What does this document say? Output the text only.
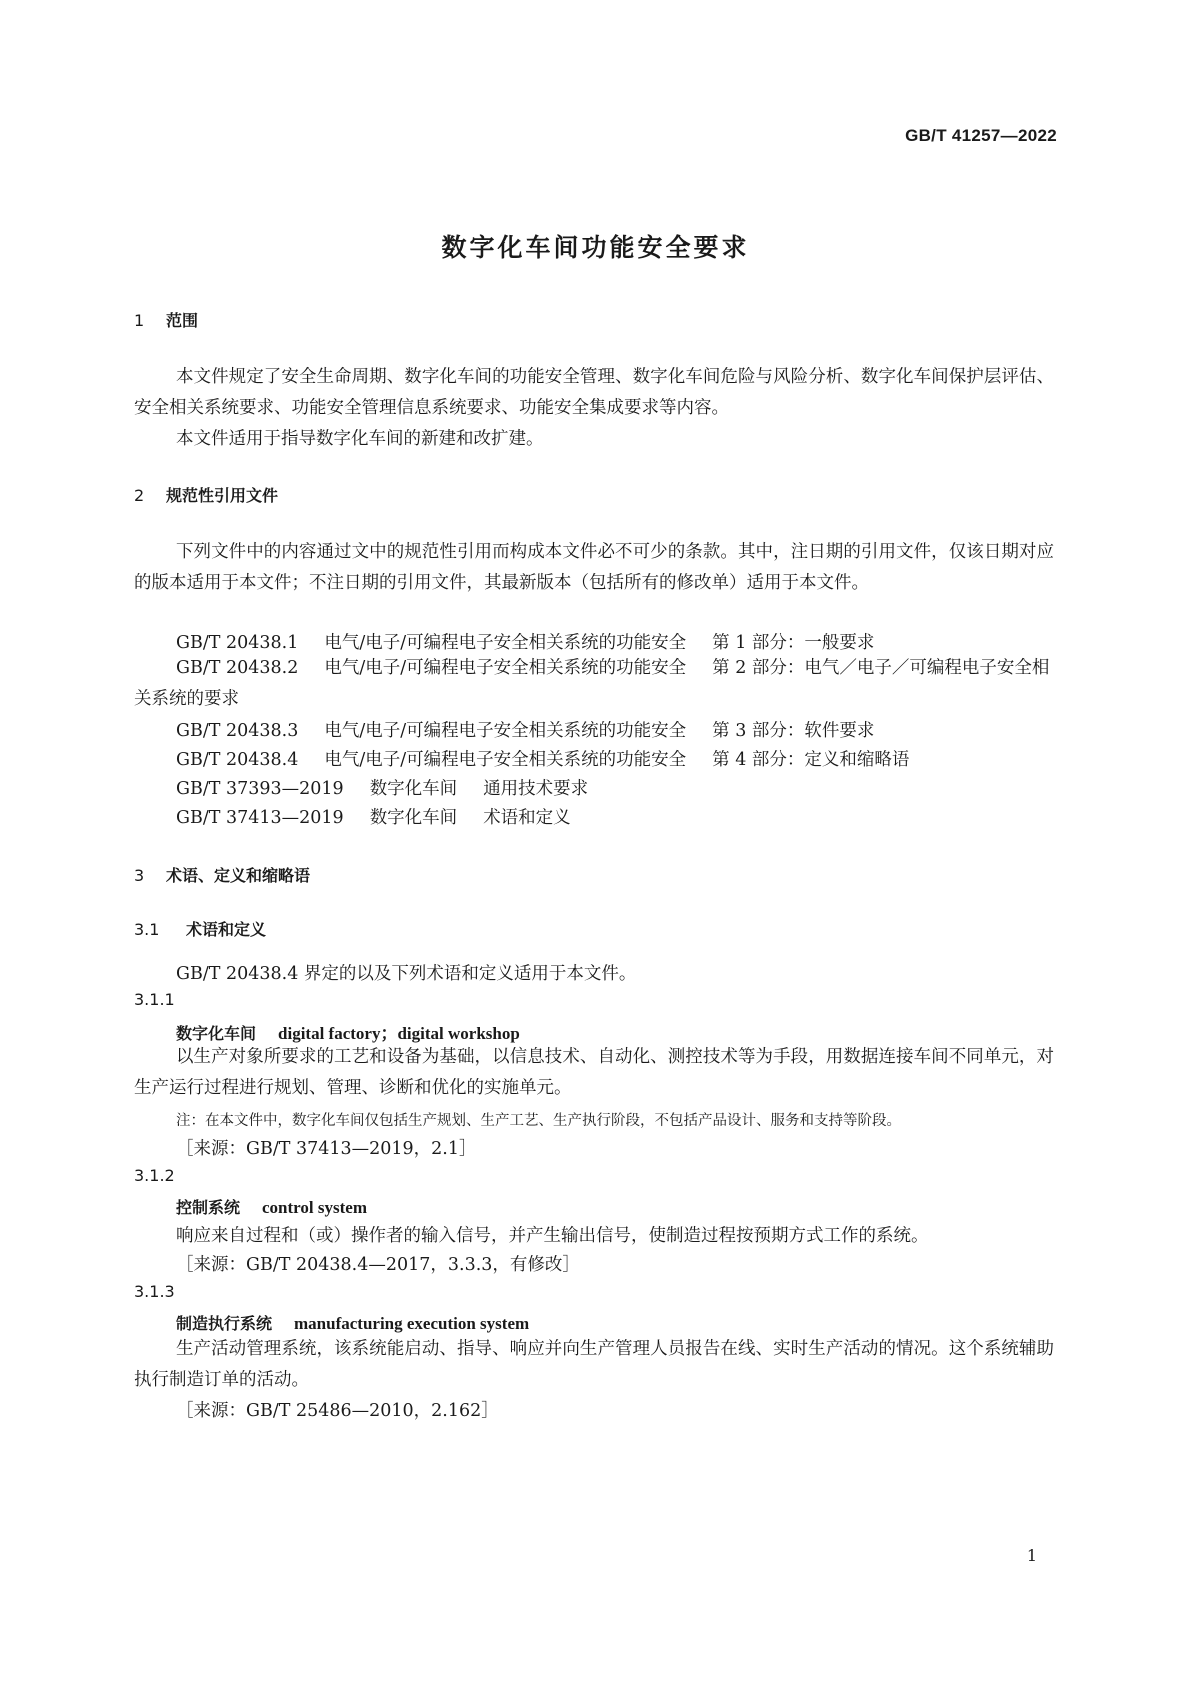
GB/T 41257—2022
数字化车间功能安全要求
1 范围
本文件规定了安全生命周期、数字化车间的功能安全管理、数字化车间危险与风险分析、数字化车间保护层评估、安全相关系统要求、功能安全管理信息系统要求、功能安全集成要求等内容。
本文件适用于指导数字化车间的新建和改扩建。
2 规范性引用文件
下列文件中的内容通过文中的规范性引用而构成本文件必不可少的条款。其中，注日期的引用文件，仅该日期对应的版本适用于本文件；不注日期的引用文件，其最新版本（包括所有的修改单）适用于本文件。
GB/T 20438.1 电气/电子/可编程电子安全相关系统的功能安全 第 1 部分：一般要求
GB/T 20438.2 电气/电子/可编程电子安全相关系统的功能安全 第 2 部分：电气／电子／可编程电子安全相关系统的要求
GB/T 20438.3 电气/电子/可编程电子安全相关系统的功能安全 第 3 部分：软件要求
GB/T 20438.4 电气/电子/可编程电子安全相关系统的功能安全 第 4 部分：定义和缩略语
GB/T 37393—2019 数字化车间 通用技术要求
GB/T 37413—2019 数字化车间 术语和定义
3 术语、定义和缩略语
3.1 术语和定义
GB/T 20438.4 界定的以及下列术语和定义适用于本文件。
3.1.1
数字化车间 digital factory；digital workshop
以生产对象所要求的工艺和设备为基础，以信息技术、自动化、测控技术等为手段，用数据连接车间不同单元，对生产运行过程进行规划、管理、诊断和优化的实施单元。
注：在本文件中，数字化车间仅包括生产规划、生产工艺、生产执行阶段，不包括产品设计、服务和支持等阶段。
［来源：GB/T 37413—2019，2.1］
3.1.2
控制系统 control system
响应来自过程和（或）操作者的输入信号，并产生输出信号，使制造过程按预期方式工作的系统。
［来源：GB/T 20438.4—2017，3.3.3，有修改］
3.1.3
制造执行系统 manufacturing execution system
生产活动管理系统，该系统能启动、指导、响应并向生产管理人员报告在线、实时生产活动的情况。这个系统辅助执行制造订单的活动。
［来源：GB/T 25486—2010，2.162］
1
